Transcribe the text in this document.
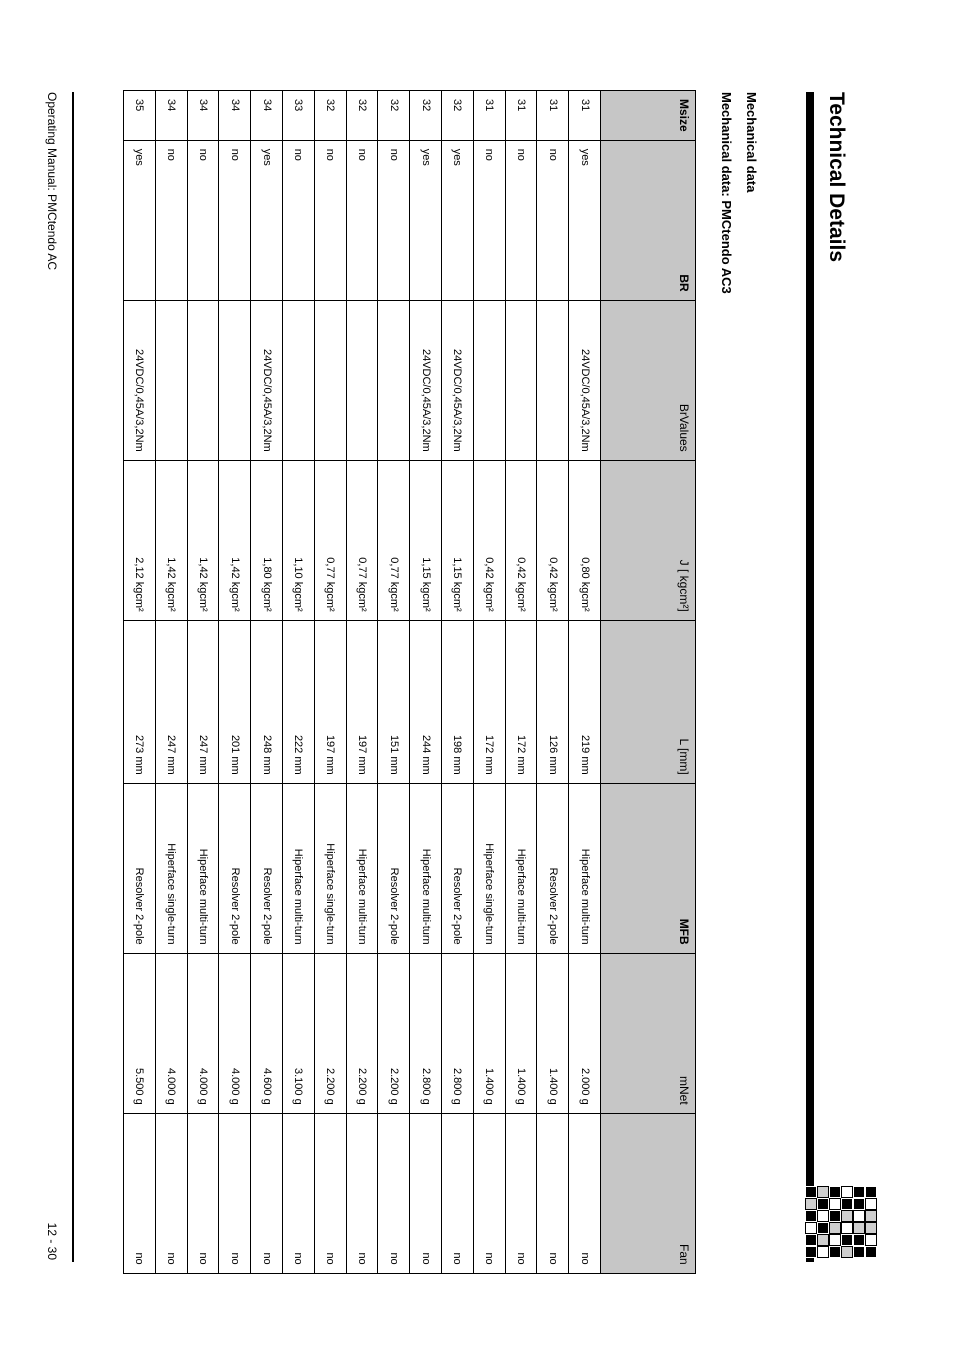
Technical Details
Mechanical data
Mechanical data: PMCtendo AC3
Msize	BR	BrValues	J [ kgcm²]	L [mm]	MFB	mNet	Fan
31	yes	24VDC/0,45A/3,2Nm	0,80 kgcm²	219 mm	Hiperface multi-turn	2.000 g	no
31	no		0,42 kgcm²	126 mm	Resolver 2-pole	1.400 g	no
31	no		0,42 kgcm²	172 mm	Hiperface multi-turn	1.400 g	no
31	no		0,42 kgcm²	172 mm	Hiperface single-turn	1.400 g	no
32	yes	24VDC/0,45A/3,2Nm	1,15 kgcm²	198 mm	Resolver 2-pole	2.800 g	no
32	yes	24VDC/0,45A/3,2Nm	1,15 kgcm²	244 mm	Hiperface multi-turn	2.800 g	no
32	no		0,77 kgcm²	151 mm	Resolver 2-pole	2.200 g	no
32	no		0,77 kgcm²	197 mm	Hiperface multi-turn	2.200 g	no
32	no		0,77 kgcm²	197 mm	Hiperface single-turn	2.200 g	no
33	no		1,10 kgcm²	222 mm	Hiperface multi-turn	3.100 g	no
34	yes	24VDC/0,45A/3,2Nm	1,80 kgcm²	248 mm	Resolver 2-pole	4.600 g	no
34	no		1,42 kgcm²	201 mm	Resolver 2-pole	4.000 g	no
34	no		1,42 kgcm²	247 mm	Hiperface multi-turn	4.000 g	no
34	no		1,42 kgcm²	247 mm	Hiperface single-turn	4.000 g	no
35	yes	24VDC/0,45A/3,2Nm	2,12 kgcm²	273 mm	Resolver 2-pole	5.500 g	no
Operating Manual: PMCtendo AC
12 - 30
